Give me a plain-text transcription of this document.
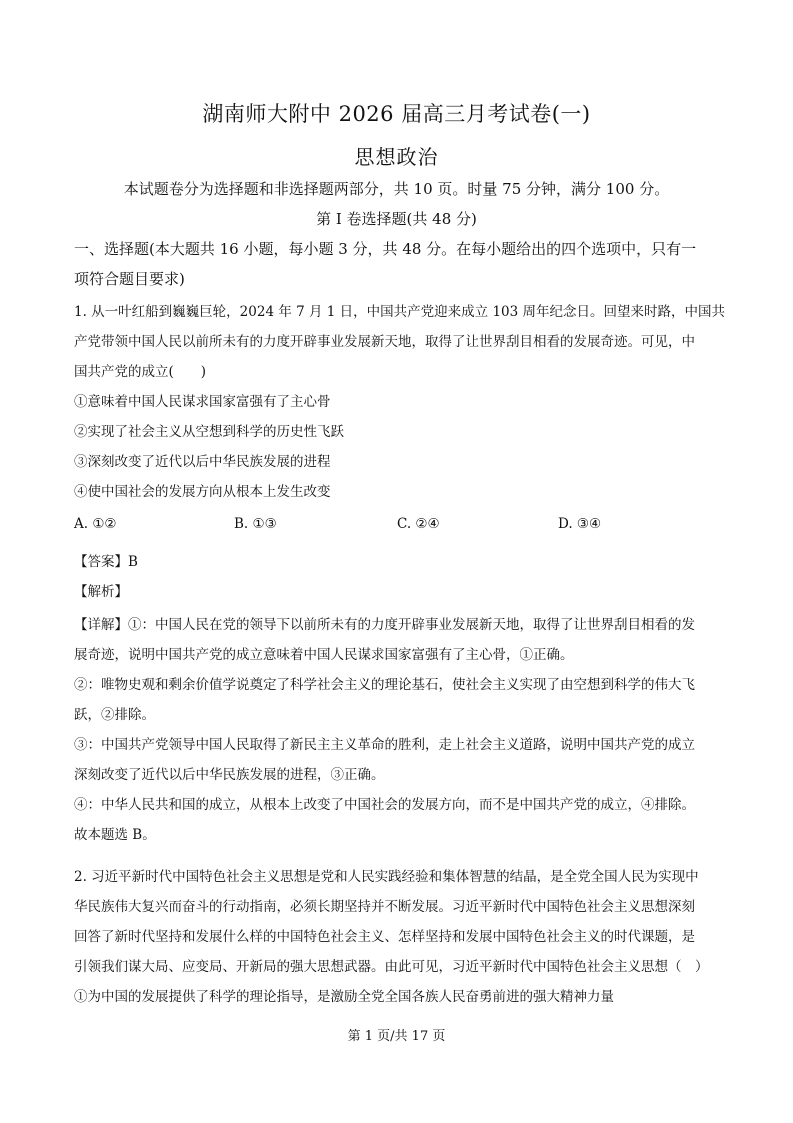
湖南师大附中 2026 届高三月考试卷(一)
思想政治
本试题卷分为选择题和非选择题两部分，共 10 页。时量 75 分钟，满分 100 分。
第 I 卷选择题(共 48 分)
一、选择题(本大题共 16 小题，每小题 3 分，共 48 分。在每小题给出的四个选项中，只有一
项符合题目要求)
1. 从一叶红船到巍巍巨轮，2024 年 7 月 1 日，中国共产党迎来成立 103 周年纪念日。回望来时路，中国共
产党带领中国人民以前所未有的力度开辟事业发展新天地，取得了让世界刮目相看的发展奇迹。可见，中
国共产党的成立(　　)
①意味着中国人民谋求国家富强有了主心骨
②实现了社会主义从空想到科学的历史性飞跃
③深刻改变了近代以后中华民族发展的进程
④使中国社会的发展方向从根本上发生改变
A. ①②	B. ①③	C. ②④	D. ③④
【答案】B
【解析】
【详解】①：中国人民在党的领导下以前所未有的力度开辟事业发展新天地，取得了让世界刮目相看的发
展奇迹，说明中国共产党的成立意味着中国人民谋求国家富强有了主心骨，①正确。
②：唯物史观和剩余价值学说奠定了科学社会主义的理论基石，使社会主义实现了由空想到科学的伟大飞
跃，②排除。
③：中国共产党领导中国人民取得了新民主主义革命的胜利，走上社会主义道路，说明中国共产党的成立
深刻改变了近代以后中华民族发展的进程，③正确。
④：中华人民共和国的成立，从根本上改变了中国社会的发展方向，而不是中国共产党的成立，④排除。
故本题选 B。
2. 习近平新时代中国特色社会主义思想是党和人民实践经验和集体智慧的结晶，是全党全国人民为实现中
华民族伟大复兴而奋斗的行动指南，必须长期坚持并不断发展。习近平新时代中国特色社会主义思想深刻
回答了新时代坚持和发展什么样的中国特色社会主义、怎样坚持和发展中国特色社会主义的时代课题，是
引领我们谋大局、应变局、开新局的强大思想武器。由此可见，习近平新时代中国特色社会主义思想（　）
①为中国的发展提供了科学的理论指导，是激励全党全国各族人民奋勇前进的强大精神力量
第 1 页/共 17 页
